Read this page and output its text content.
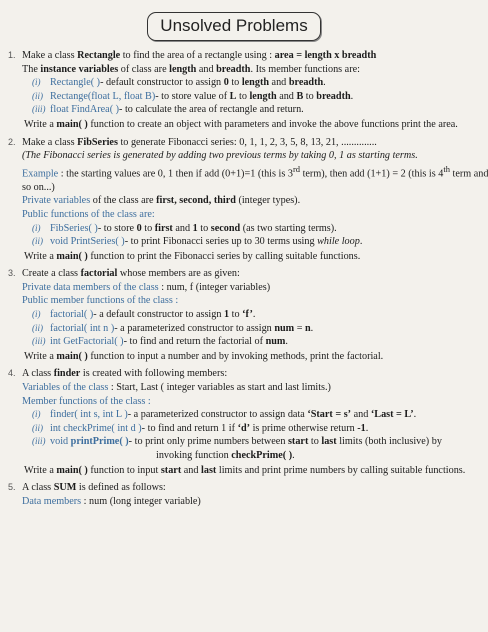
Unsolved Problems
1. Make a class Rectangle to find the area of a rectangle using : area = length x breadth
The instance variables of class are length and breadth. Its member functions are:
(i) Rectangle( )- default constructor to assign 0 to length and breadth.
(ii) Rectange(float L, float B)- to store value of L to length and B to breadth.
(iii) float FindArea( )- to calculate the area of rectangle and return.
Write a main( ) function to create an object with parameters and invoke the above functions print the area.
2. Make a class FibSeries to generate Fibonacci series: 0, 1, 1, 2, 3, 5, 8, 13, 21, ..............
(The Fibonacci series is generated by adding two previous terms by taking 0, 1 as starting terms.
Example : the starting values are 0, 1 then if add (0+1)=1 (this is 3rd term), then add (1+1) = 2 (this is 4th term and
so on...)
Private variables of the class are first, second, third (integer types).
Public functions of the class are:
(i) FibSeries( )- to store 0 to first and 1 to second (as two starting terms).
(ii) void PrintSeries( )- to print Fibonacci series up to 30 terms using while loop.
Write a main( ) function to print the Fibonacci series by calling suitable functions.
3. Create a class factorial whose members are as given:
Private data members of the class : num, f (integer variables)
Public member functions of the class :
(i) factorial( )- a default constructor to assign 1 to ‘f’.
(ii) factorial( int n )- a parameterized constructor to assign num = n.
(iii) int GetFactorial( )- to find and return the factorial of num.
Write a main( ) function to input a number and by invoking methods, print the factorial.
4. A class finder is created with following members:
Variables of the class : Start, Last ( integer variables as start and last limits.)
Member functions of the class :
(i) finder( int s, int L )- a parameterized constructor to assign data ‘Start = s’ and ‘Last = L’.
(ii) int checkPrime( int d )- to find and return 1 if ‘d’ is prime otherwise return -1.
(iii) void printPrime( )- to print only prime numbers between start to last limits (both inclusive) by
invoking function checkPrime( ).
Write a main( ) function to input start and last limits and print prime numbers by calling suitable functions.
5. A class SUM is defined as follows:
Data members : num (long integer variable)
